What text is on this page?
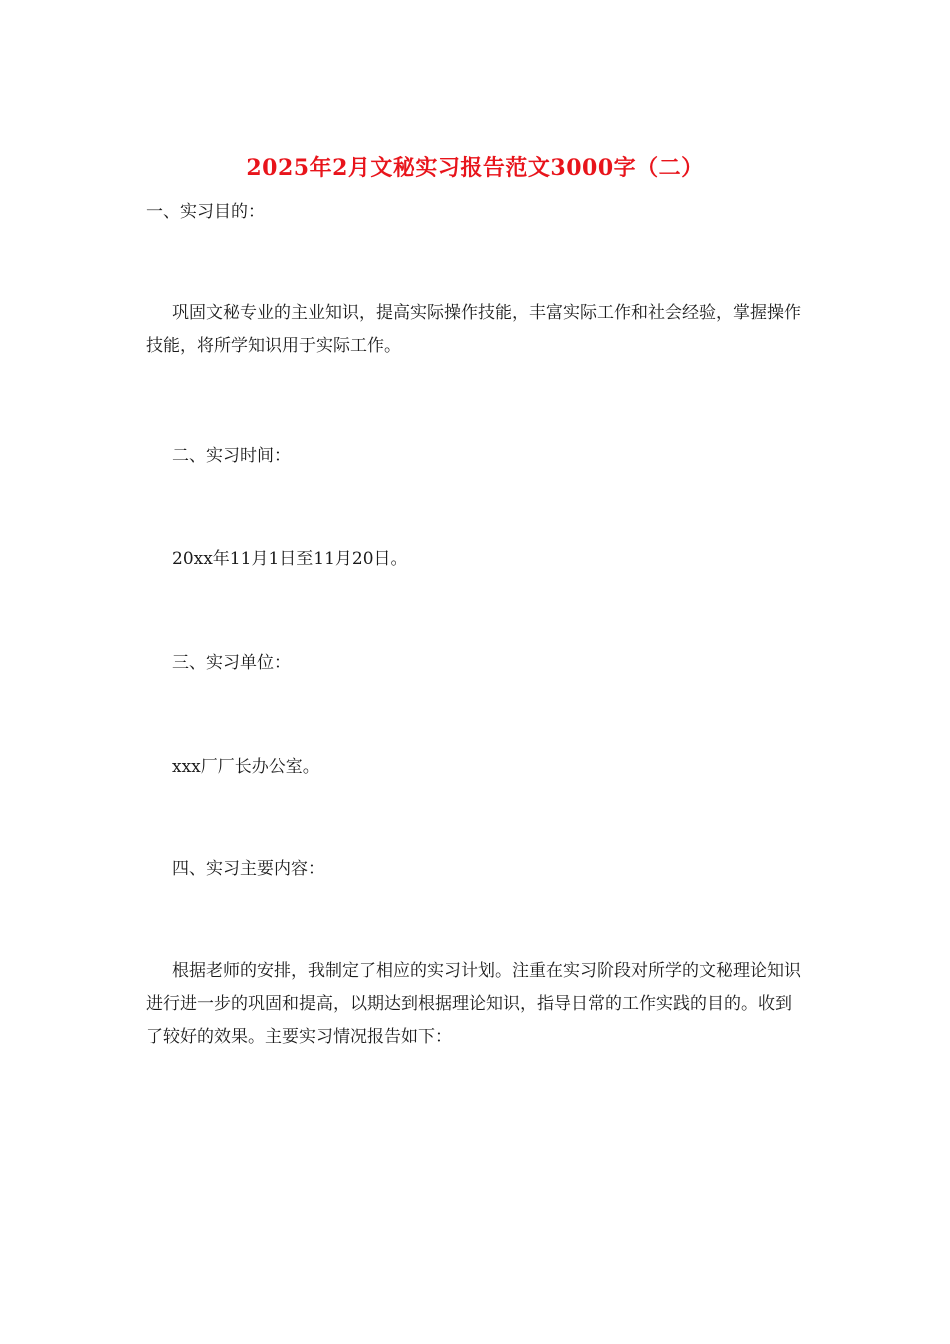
2025年2月文秘实习报告范文3000字（二）
一、实习目的：
巩固文秘专业的主业知识，提高实际操作技能，丰富实际工作和社会经验，掌握操作技能，将所学知识用于实际工作。
二、实习时间：
20xx年11月1日至11月20日。
三、实习单位：
xxx厂厂长办公室。
四、实习主要内容：
根据老师的安排，我制定了相应的实习计划。注重在实习阶段对所学的文秘理论知识进行进一步的巩固和提高，以期达到根据理论知识，指导日常的工作实践的目的。收到了较好的效果。主要实习情况报告如下：
